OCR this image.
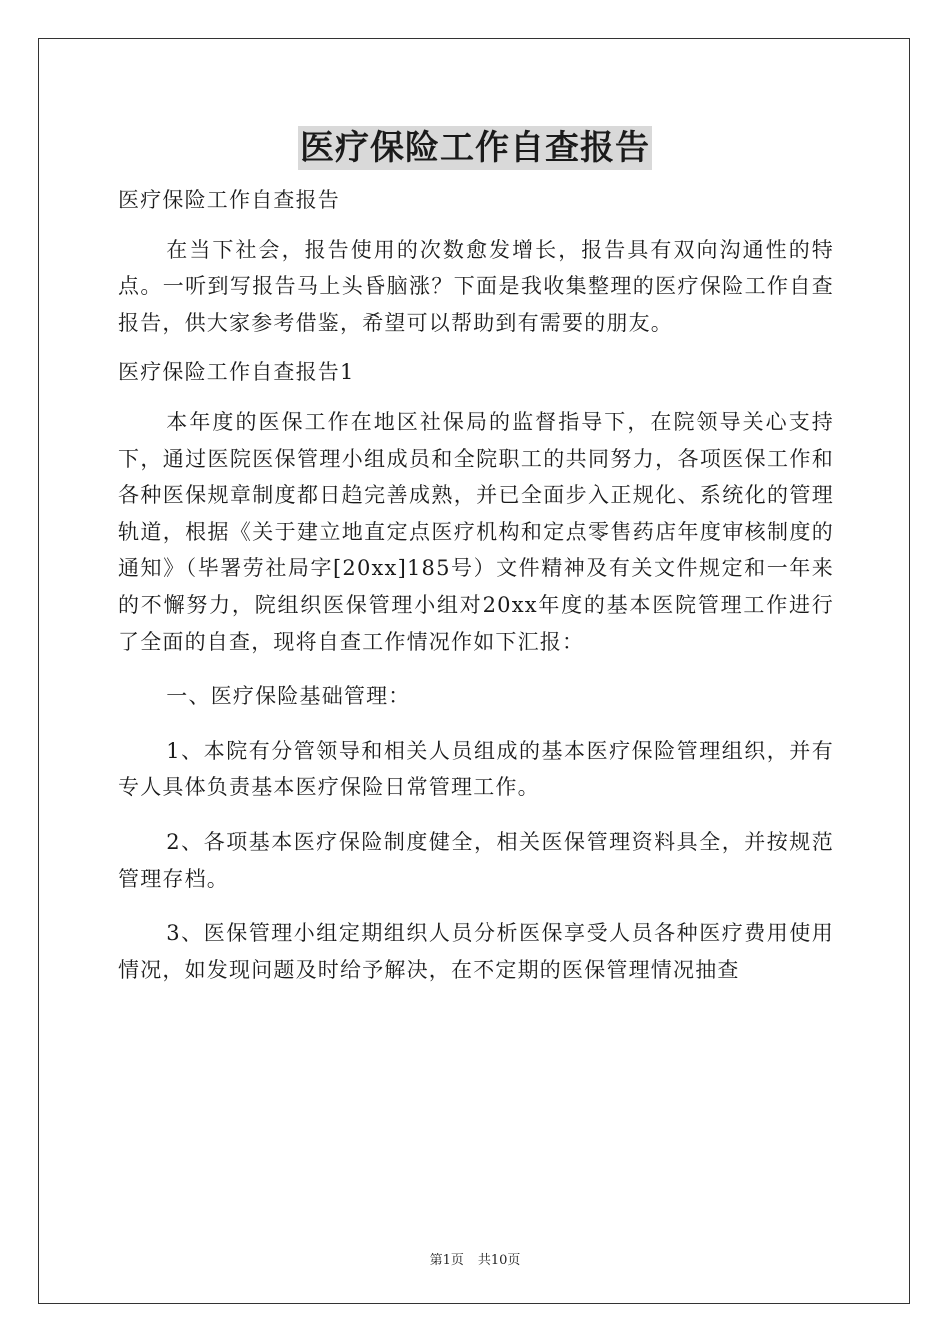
医疗保险工作自查报告

医疗保险工作自查报告

在当下社会，报告使用的次数愈发增长，报告具有双向沟通性的特点。一听到写报告马上头昏脑涨？下面是我收集整理的医疗保险工作自查报告，供大家参考借鉴，希望可以帮助到有需要的朋友。

医疗保险工作自查报告1

本年度的医保工作在地区社保局的监督指导下，在院领导关心支持下，通过医院医保管理小组成员和全院职工的共同努力，各项医保工作和各种医保规章制度都日趋完善成熟，并已全面步入正规化、系统化的管理轨道，根据《关于建立地直定点医疗机构和定点零售药店年度审核制度的通知》（毕署劳社局字[20xx]185号）文件精神及有关文件规定和一年来的不懈努力，院组织医保管理小组对20xx年度的基本医院管理工作进行了全面的自查，现将自查工作情况作如下汇报：

一、医疗保险基础管理：

1、本院有分管领导和相关人员组成的基本医疗保险管理组织，并有专人具体负责基本医疗保险日常管理工作。

2、各项基本医疗保险制度健全，相关医保管理资料具全，并按规范管理存档。

3、医保管理小组定期组织人员分析医保享受人员各种医疗费用使用情况，如发现问题及时给予解决，在不定期的医保管理情况抽查

第1页 共10页
